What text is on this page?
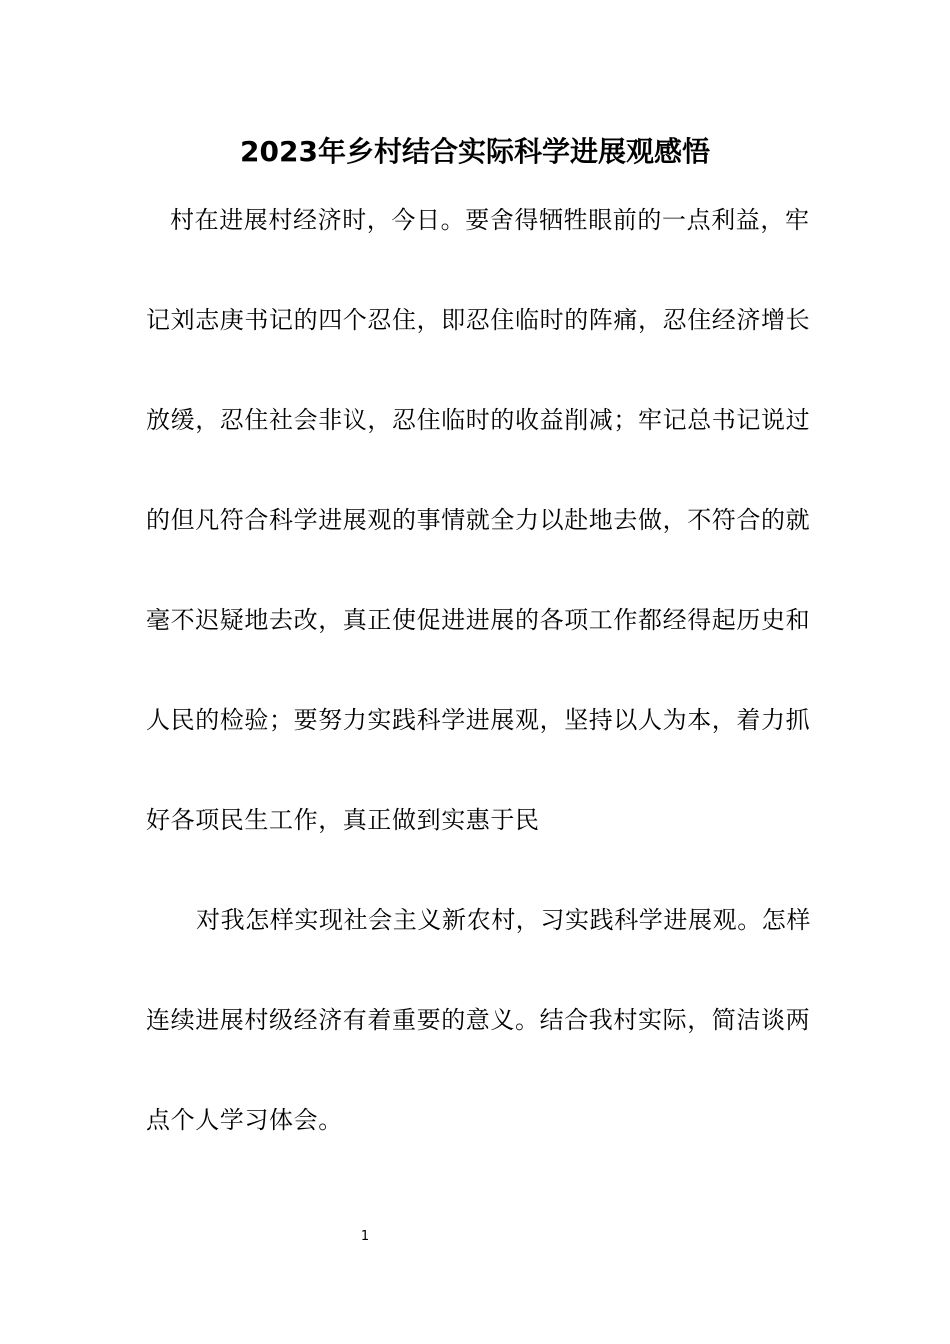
2023年乡村结合实际科学进展观感悟
村在进展村经济时，今日。要舍得牺牲眼前的一点利益，牢
记刘志庚书记的四个忍住，即忍住临时的阵痛，忍住经济增长
放缓，忍住社会非议，忍住临时的收益削减；牢记总书记说过
的但凡符合科学进展观的事情就全力以赴地去做，不符合的就
毫不迟疑地去改，真正使促进进展的各项工作都经得起历史和
人民的检验；要努力实践科学进展观，坚持以人为本，着力抓
好各项民生工作，真正做到实惠于民
对我怎样实现社会主义新农村，习实践科学进展观。怎样
连续进展村级经济有着重要的意义。结合我村实际，简洁谈两
点个人学习体会。
1
